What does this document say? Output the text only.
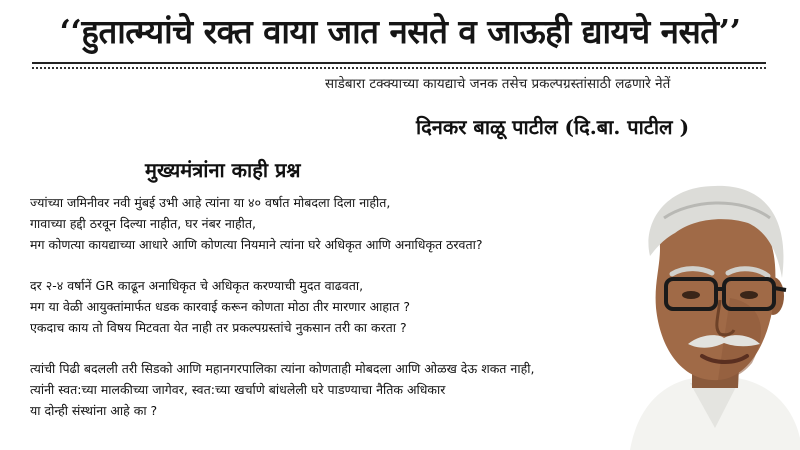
‘‘हुतात्म्यांचे रक्त वाया जात नसते व जाऊही द्यायचे नसते’’
साडेबारा टक्क्याच्या कायद्याचे जनक तसेच प्रकल्पग्रस्तांसाठी लढणारे नेतें
दिनकर बाळू पाटील (दि.बा. पाटील )
मुख्यमंत्रांना काही प्रश्न
ज्यांच्या जमिनीवर नवी मुंबई उभी आहे त्यांना या ४० वर्षात मोबदला दिला नाहीत,
गावाच्या हद्दी ठरवून दिल्या नाहीत, घर नंबर नाहीत,
मग कोणत्या कायद्याच्या आधारे आणि कोणत्या नियमाने त्यांना घरे अधिकृत आणि अनाधिकृत ठरवता?
दर २-४ वर्षानें GR काढून अनाधिकृत चे अधिकृत करण्याची मुदत वाढवता,
मग या वेळी आयुक्तांमार्फत धडक कारवाई करून कोणता मोठा तीर मारणार आहात ?
एकदाच काय तो विषय मिटवता येत नाही तर प्रकल्पग्रस्तांचे नुकसान तरी का करता ?
त्यांची पिढी बदलली तरी सिडको आणि महानगरपालिका त्यांना कोणताही मोबदला आणि ओळख देऊ शकत नाही,
त्यांनी स्वत:च्या मालकीच्या जागेवर, स्वत:च्या खर्चाणे बांधलेली घरे पाडण्याचा नैतिक अधिकार
या दोन्ही संस्थांना आहे का ?
